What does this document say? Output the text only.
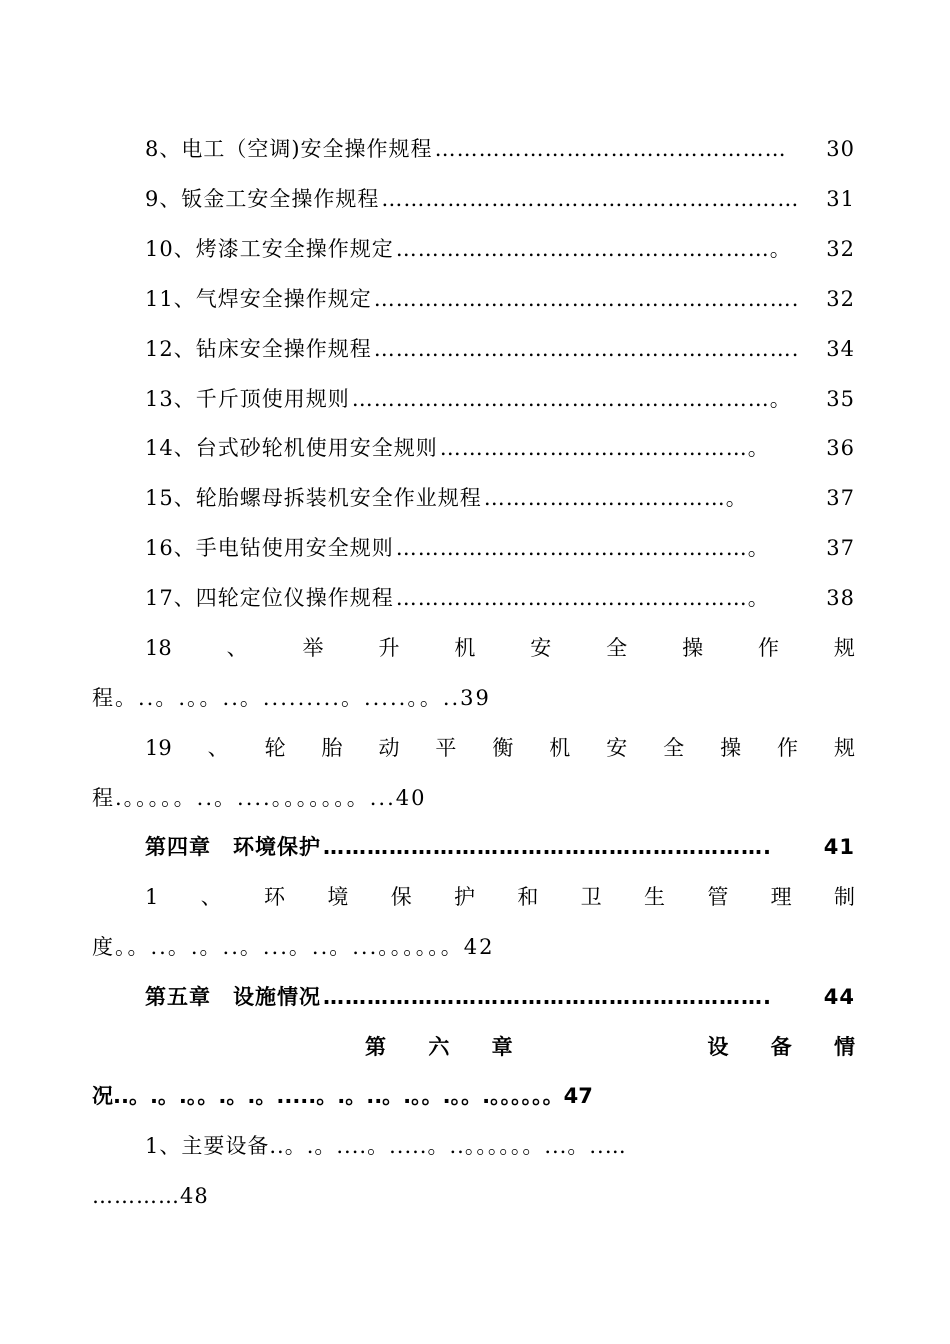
8、电工（空调)安全操作规程 …………………………………………	30
9、钣金工安全操作规程 …………………………………………………	31
10、烤漆工安全操作规定 ……………………………………………。	32
11、气焊安全操作规定 ………………………………………………….	32
12、钻床安全操作规程 ………………………………………………….	34
13、千斤顶使用规则 …………………………………………………。	35
14、台式砂轮机使用安全规则 ……………………………………。	36
15、轮胎螺母拆装机安全作业规程 ……………………………。	37
16、手电钻使用安全规则 …………………………………………。	37
17、四轮定位仪操作规程 …………………………………………。	38
18	、	举	升	机	安	全	操	作	规
程。..。.。。..。.........。.....。。..39
19 、 轮 胎 动 平 衡 机 安 全 操 作 规
程.。。。。。..。....。。。。。。。...40
第四章　环境保护 …………………………………………………….	41
1 、 环 境 保 护 和 卫 生 管 理 制
度。。..。.。..。...。..。...。。。。。。42
第五章　设施情况 …………………………………………………….	44
第 六 章	设 备 情
况..。.。.。。.。.。.....。.。..。.。。.。。.。。。。。。47
1、主要设备..。.。....。.....。..。。。。。。...。..…
…………48
